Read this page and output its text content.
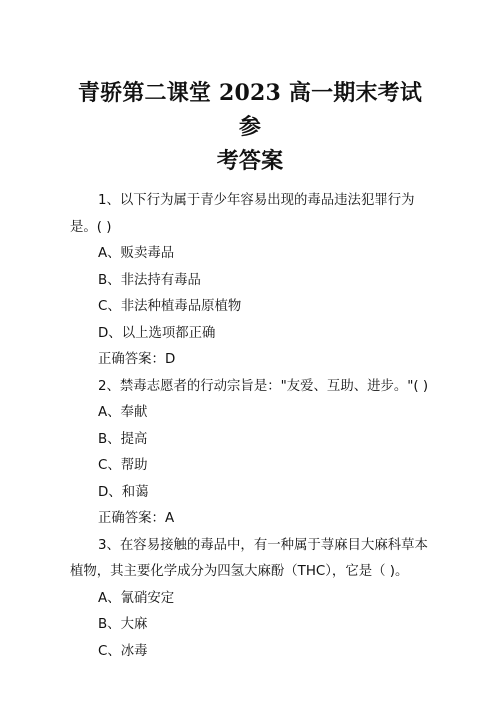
青骄第二课堂 2023 高一期末考试参
考答案
1、以下行为属于青少年容易出现的毒品违法犯罪行为是。( )
A、贩卖毒品
B、非法持有毒品
C、非法种植毒品原植物
D、以上选项都正确
正确答案：D
2、禁毒志愿者的行动宗旨是："友爱、互助、进步。"( )
A、奉献
B、提高
C、帮助
D、和蔼
正确答案：A
3、在容易接触的毒品中，有一种属于荨麻目大麻科草本植物，其主要化学成分为四氢大麻酚（THC），它是（ )。
A、氰硝安定
B、大麻
C、冰毒
